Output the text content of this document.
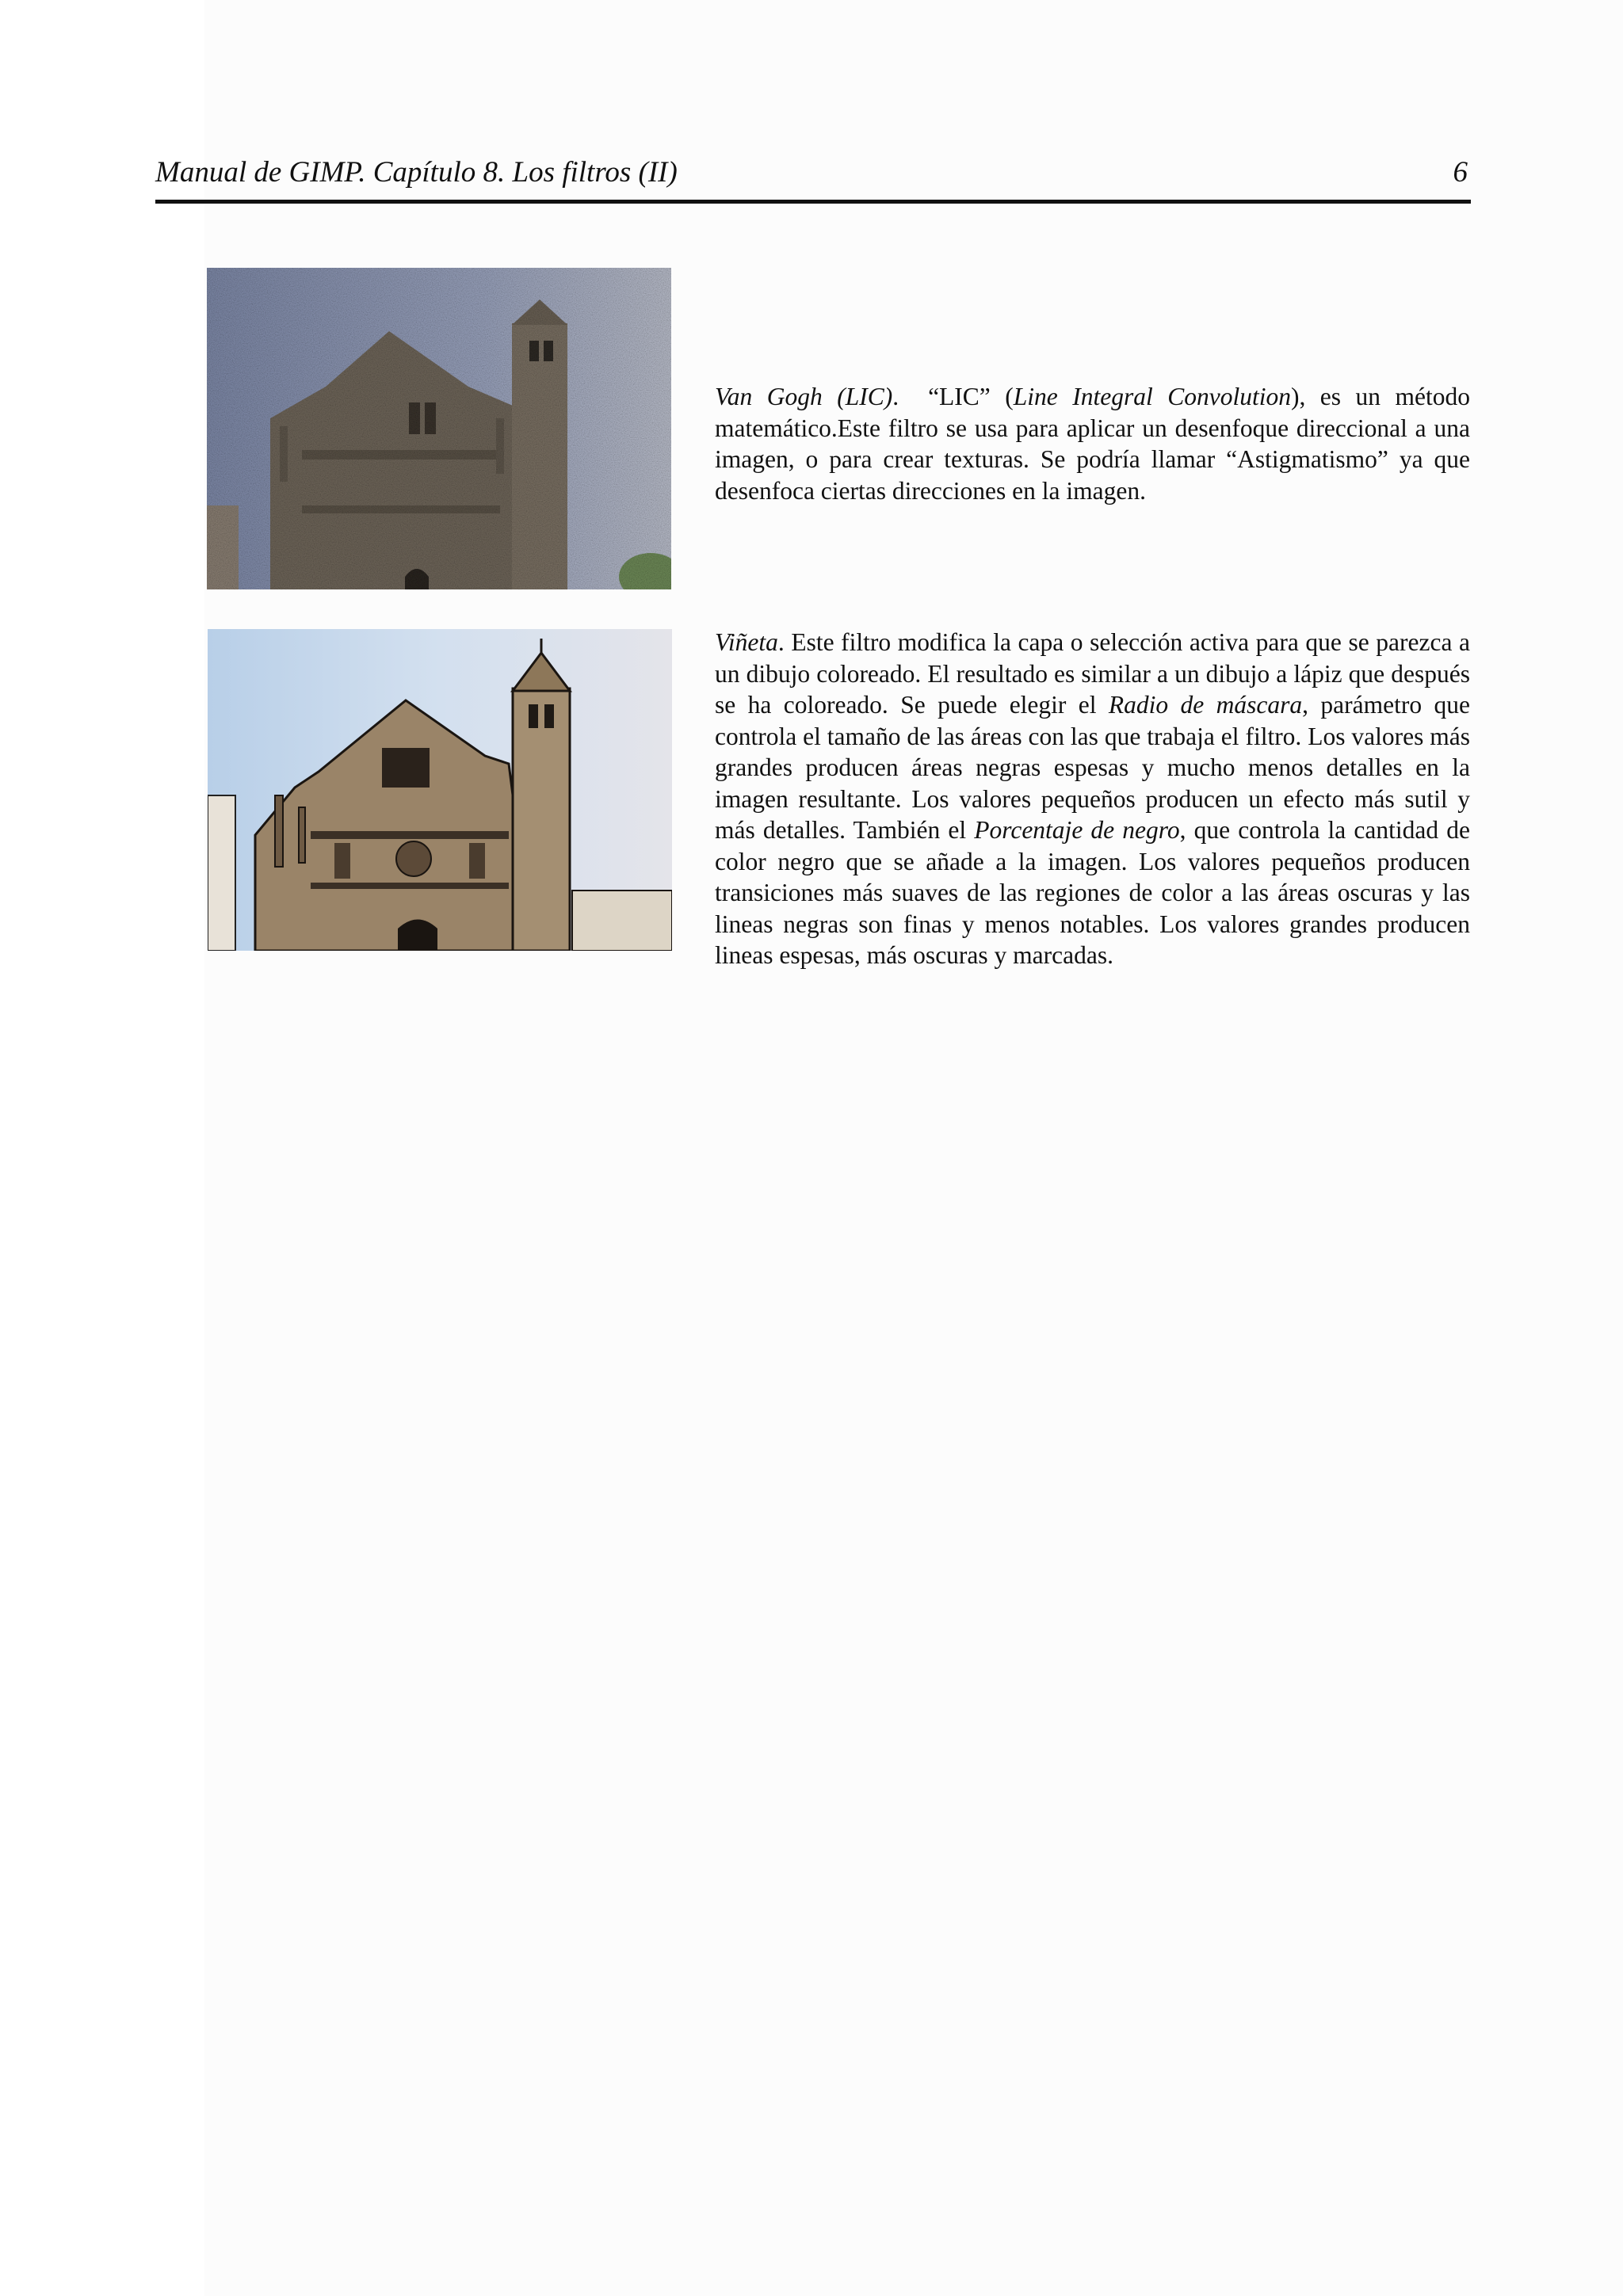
Manual de GIMP. Capítulo 8. Los filtros (II)	6

Van Gogh (LIC).  “LIC” (Line Integral Convolution), es un método matemático.Este filtro se usa para aplicar un desenfoque direccional a una imagen, o para crear texturas. Se podría llamar “Astigmatismo” ya que desenfoca ciertas direcciones en la imagen.

Viñeta. Este filtro modifica la capa o selección activa para que se parezca a un dibujo coloreado. El resultado es similar a un dibujo a lápiz que después se ha coloreado. Se puede elegir el Radio de máscara, parámetro que controla el tamaño de las áreas con las que trabaja el filtro. Los valores más grandes producen áreas negras espesas y mucho menos detalles en la imagen resultante. Los valores pequeños producen un efecto más sutil y más detalles. También el Porcentaje de negro, que controla la cantidad de color negro que se añade a la imagen. Los valores pequeños producen transiciones más suaves de las regiones de color a las áreas oscuras y las lineas negras son finas y menos notables. Los valores grandes producen lineas espesas, más oscuras y marcadas.
